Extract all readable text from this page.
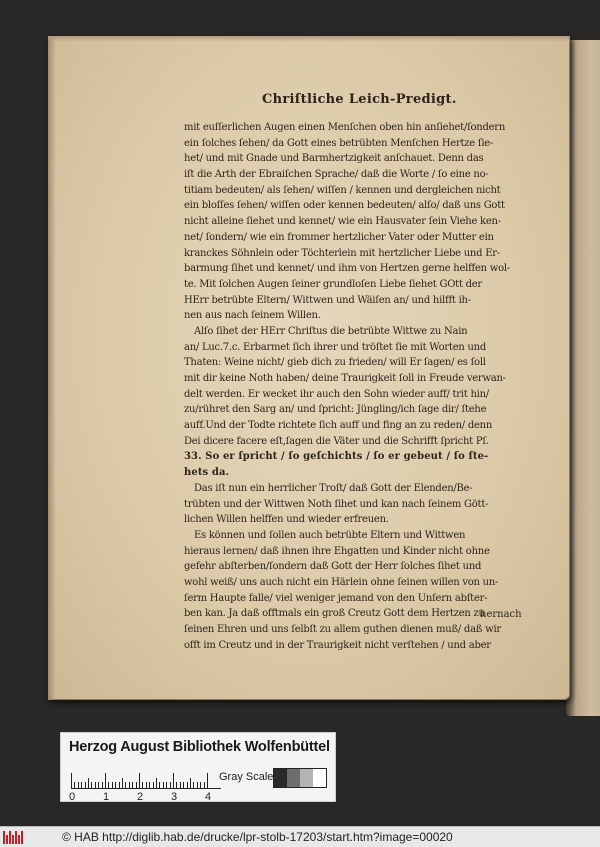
Chriſtliche Leich-Predigt.
mit euſſerlichen Augen einen Menſchen oben hin anſiehet/ſondern
ein ſolches ſehen/ da Gott eines betrübten Menſchen Hertze ſie-
het/ und mit Gnade und Barmhertzigkeit anſchauet. Denn das
iſt die Arth der Ebraiſchen Sprache/ daß die Worte / ſo eine no-
titiam bedeuten/ als ſehen/ wiſſen / kennen und dergleichen nicht
ein bloſſes ſehen/ wiſſen oder kennen bedeuten/ alſo/ daß uns Gott
nicht alleine ſiehet und kennet/ wie ein Hausvater ſein Viehe ken-
net/ ſondern/ wie ein frommer hertzlicher Vater oder Mutter ein
kranckes Söhnlein oder Töchterlein mit hertzlicher Liebe und Er-
barmung ſihet und kennet/ und ihm von Hertzen gerne helffen wol-
te. Mit ſolchen Augen ſeiner grundloſen Liebe ſiehet GOtt der
HErr betrübte Eltern/ Wittwen und Wäiſen an/ und hilfft ih-
nen aus nach ſeinem Willen.
Alſo ſihet der HErr Chriſtus die betrübte Wittwe zu Nain
an/ Luc.7.c. Erbarmet ſich ihrer und tröſtet ſie mit Worten und
Thaten: Weine nicht/ gieb dich zu frieden/ will Er ſagen/ es ſoll
mit dir keine Noth haben/ deine Traurigkeit ſoll in Freude verwan-
delt werden. Er wecket ihr auch den Sohn wieder auff/ trit hin/
zu/rühret den Sarg an/ und ſpricht: Jüngling/ich ſage dir/ ſtehe
auff.Und der Todte richtete ſich auff und fing an zu reden/ denn
Dei dicere facere eſt,ſagen die Väter und die Schrifft ſpricht Pſ.
33. So er ſpricht / ſo geſchichts / ſo er gebeut / ſo ſte-
hets da.
Das iſt nun ein herrlicher Troſt/ daß Gott der Elenden/Be-
trübten und der Wittwen Noth ſihet und kan nach ſeinem Gött-
lichen Willen helffen und wieder erfreuen.
Es können und ſollen auch betrübte Eltern und Wittwen
hieraus lernen/ daß ihnen ihre Ehgatten und Kinder nicht ohne
gefehr abſterben/ſondern daß Gott der Herr ſolches ſihet und
wohl weiß/ uns auch nicht ein Härlein ohne ſeinen willen von un-
ſerm Haupte falle/ viel weniger jemand von den Unſern abſter-
ben kan. Ja daß offtmals ein groß Creutz Gott dem Hertzen zu
ſeinen Ehren und uns ſelbſt zu allem guthen dienen muß/ daß wir
offt im Creutz und in der Traurigkeit nicht verſtehen / und aber
hernach
Herzog August Bibliothek Wolfenbüttel
0	1	2	3	4
Gray Scale
© HAB http://diglib.hab.de/drucke/lpr-stolb-17203/start.htm?image=00020
